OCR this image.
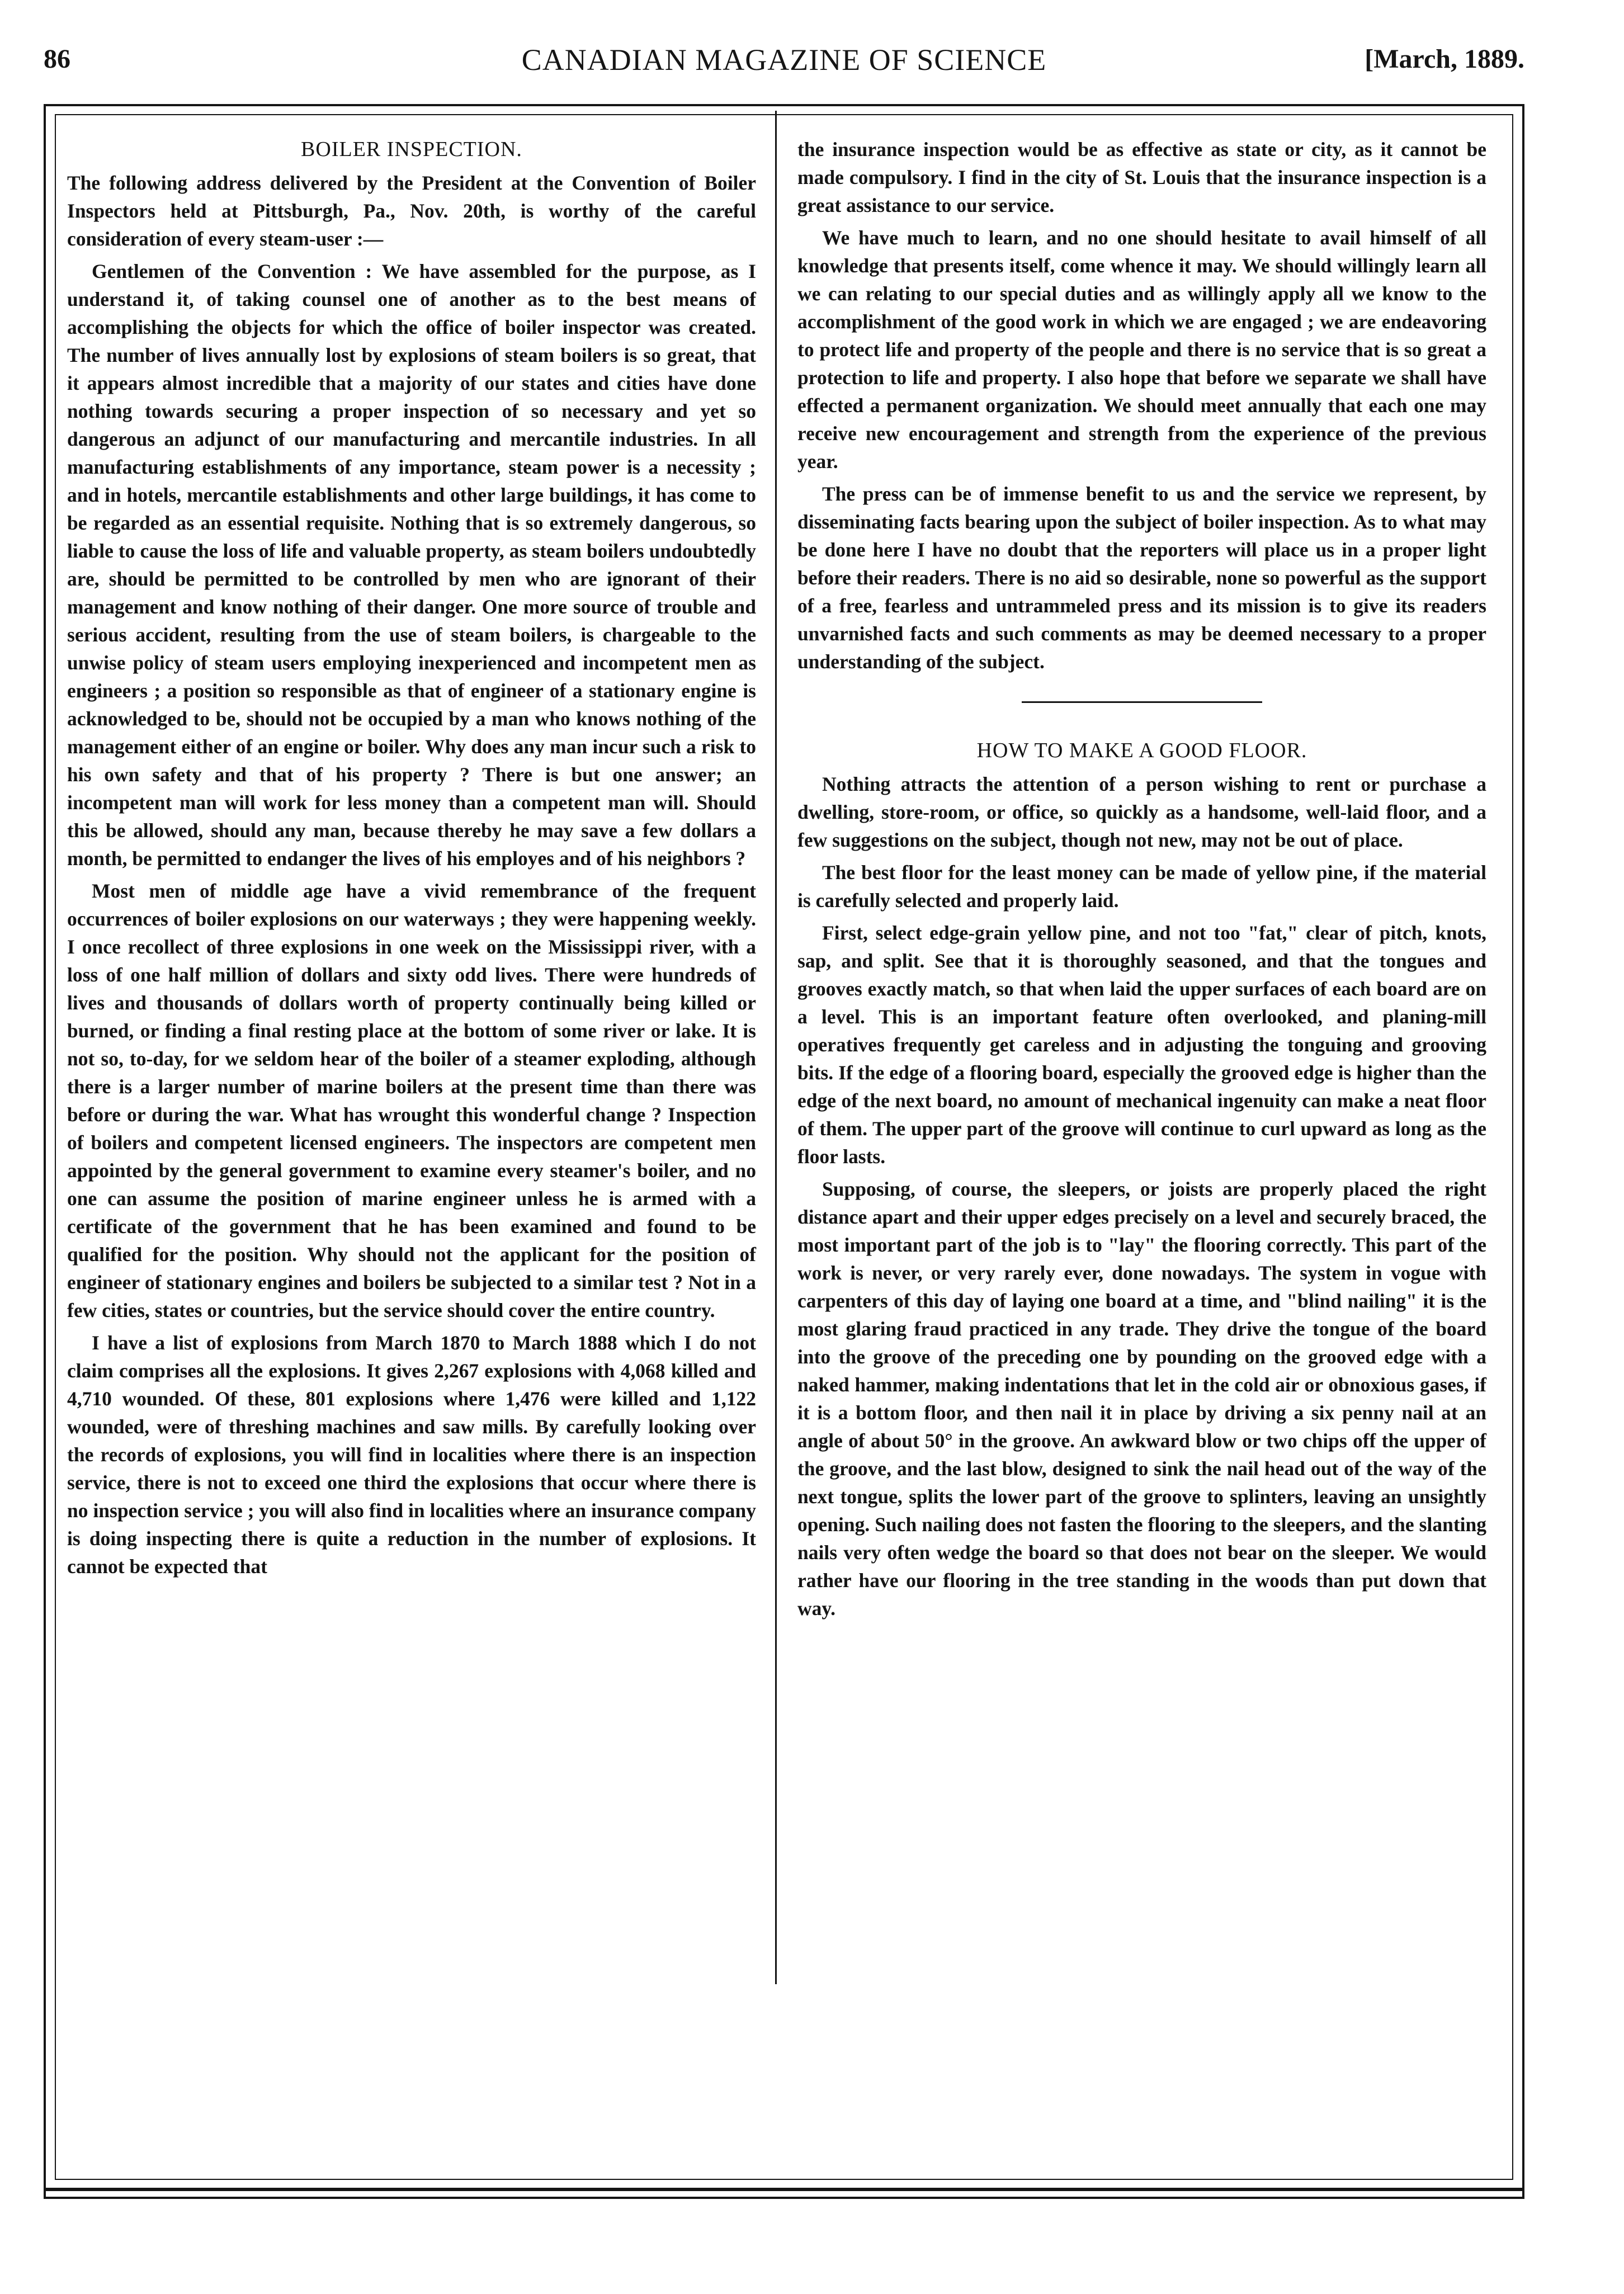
86	CANADIAN MAGAZINE OF SCIENCE	[March, 1889.
BOILER INSPECTION.

The following address delivered by the President at the Convention of Boiler Inspectors held at Pittsburgh, Pa., Nov. 20th, is worthy of the careful consideration of every steam-user :—

Gentlemen of the Convention : We have assembled for the purpose, as I understand it, of taking counsel one of another as to the best means of accomplishing the objects for which the office of boiler inspector was created. The number of lives annually lost by explosions of steam boilers is so great, that it appears almost incredible that a majority of our states and cities have done nothing towards securing a proper inspection of so necessary and yet so dangerous an adjunct of our manufacturing and mercantile industries. In all manufacturing establishments of any importance, steam power is a necessity ; and in hotels, mercantile establishments and other large buildings, it has come to be regarded as an essential requisite. Nothing that is so extremely dangerous, so liable to cause the loss of life and valuable property, as steam boilers undoubtedly are, should be permitted to be controlled by men who are ignorant of their management and know nothing of their danger. One more source of trouble and serious accident, resulting from the use of steam boilers, is chargeable to the unwise policy of steam users employing inexperienced and incompetent men as engineers ; a position so responsible as that of engineer of a stationary engine is acknowledged to be, should not be occupied by a man who knows nothing of the management either of an engine or boiler. Why does any man incur such a risk to his own safety and that of his property ? There is but one answer; an incompetent man will work for less money than a competent man will. Should this be allowed, should any man, because thereby he may save a few dollars a month, be permitted to endanger the lives of his employes and of his neighbors ?

Most men of middle age have a vivid remembrance of the frequent occurrences of boiler explosions on our waterways ; they were happening weekly. I once recollect of three explosions in one week on the Mississippi river, with a loss of one half million of dollars and sixty odd lives. There were hundreds of lives and thousands of dollars worth of property continually being killed or burned, or finding a final resting place at the bottom of some river or lake. It is not so, to-day, for we seldom hear of the boiler of a steamer exploding, although there is a larger number of marine boilers at the present time than there was before or during the war. What has wrought this wonderful change ? Inspection of boilers and competent licensed engineers. The inspectors are competent men appointed by the general government to examine every steamer's boiler, and no one can assume the position of marine engineer unless he is armed with a certificate of the government that he has been examined and found to be qualified for the position. Why should not the applicant for the position of engineer of stationary engines and boilers be subjected to a similar test ? Not in a few cities, states or countries, but the service should cover the entire country.

I have a list of explosions from March 1870 to March 1888 which I do not claim comprises all the explosions. It gives 2,267 explosions with 4,068 killed and 4,710 wounded. Of these, 801 explosions where 1,476 were killed and 1,122 wounded, were of threshing machines and saw mills. By carefully looking over the records of explosions, you will find in localities where there is an inspection service, there is not to exceed one third the explosions that occur where there is no inspection service ; you will also find in localities where an insurance company is doing inspecting there is quite a reduction in the number of explosions. It cannot be expected that

the insurance inspection would be as effective as state or city, as it cannot be made compulsory. I find in the city of St. Louis that the insurance inspection is a great assistance to our service.

We have much to learn, and no one should hesitate to avail himself of all knowledge that presents itself, come whence it may. We should willingly learn all we can relating to our special duties and as willingly apply all we know to the accomplishment of the good work in which we are engaged ; we are endeavoring to protect life and property of the people and there is no service that is so great a protection to life and property. I also hope that before we separate we shall have effected a permanent organization. We should meet annually that each one may receive new encouragement and strength from the experience of the previous year.

The press can be of immense benefit to us and the service we represent, by disseminating facts bearing upon the subject of boiler inspection. As to what may be done here I have no doubt that the reporters will place us in a proper light before their readers. There is no aid so desirable, none so powerful as the support of a free, fearless and untrammeled press and its mission is to give its readers unvarnished facts and such comments as may be deemed necessary to a proper understanding of the subject.

HOW TO MAKE A GOOD FLOOR.

Nothing attracts the attention of a person wishing to rent or purchase a dwelling, store-room, or office, so quickly as a handsome, well-laid floor, and a few suggestions on the subject, though not new, may not be out of place.

The best floor for the least money can be made of yellow pine, if the material is carefully selected and properly laid.

First, select edge-grain yellow pine, and not too "fat," clear of pitch, knots, sap, and split. See that it is thoroughly seasoned, and that the tongues and grooves exactly match, so that when laid the upper surfaces of each board are on a level. This is an important feature often overlooked, and planing-mill operatives frequently get careless and in adjusting the tonguing and grooving bits. If the edge of a flooring board, especially the grooved edge is higher than the edge of the next board, no amount of mechanical ingenuity can make a neat floor of them. The upper part of the groove will continue to curl upward as long as the floor lasts.

Supposing, of course, the sleepers, or joists are properly placed the right distance apart and their upper edges precisely on a level and securely braced, the most important part of the job is to "lay" the flooring correctly. This part of the work is never, or very rarely ever, done nowadays. The system in vogue with carpenters of this day of laying one board at a time, and "blind nailing" it is the most glaring fraud practiced in any trade. They drive the tongue of the board into the groove of the preceding one by pounding on the grooved edge with a naked hammer, making indentations that let in the cold air or obnoxious gases, if it is a bottom floor, and then nail it in place by driving a six penny nail at an angle of about 50° in the groove. An awkward blow or two chips off the upper of the groove, and the last blow, designed to sink the nail head out of the way of the next tongue, splits the lower part of the groove to splinters, leaving an unsightly opening. Such nailing does not fasten the flooring to the sleepers, and the slanting nails very often wedge the board so that does not bear on the sleeper. We would rather have our flooring in the tree standing in the woods than put down that way.
